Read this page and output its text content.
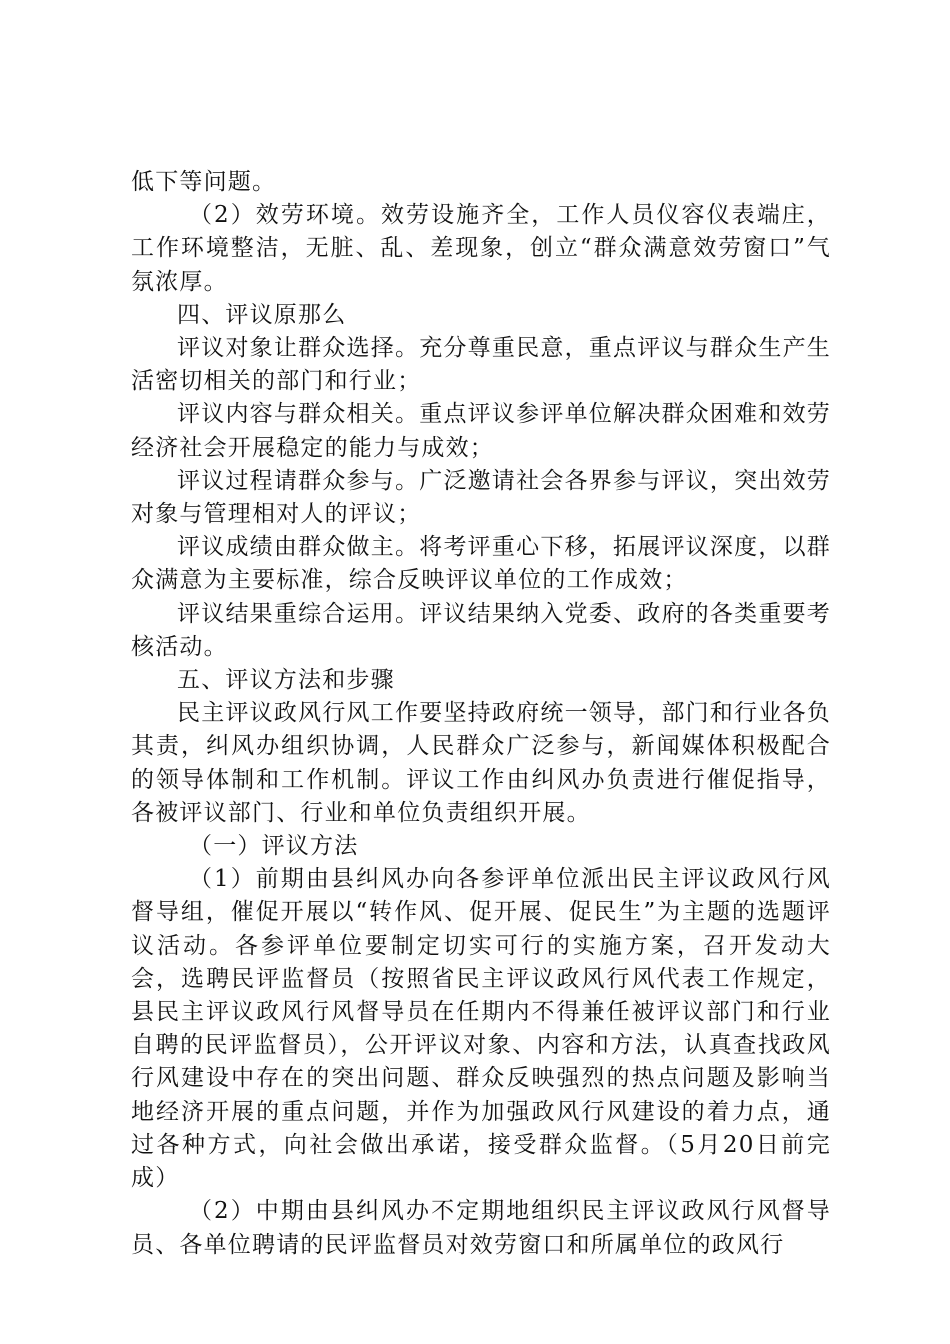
低下等问题。

（2）效劳环境。效劳设施齐全，工作人员仪容仪表端庄，工作环境整洁，无脏、乱、差现象，创立“群众满意效劳窗口”气氛浓厚。

四、评议原那么

评议对象让群众选择。充分尊重民意，重点评议与群众生产生活密切相关的部门和行业；

评议内容与群众相关。重点评议参评单位解决群众困难和效劳经济社会开展稳定的能力与成效；

评议过程请群众参与。广泛邀请社会各界参与评议，突出效劳对象与管理相对人的评议；

评议成绩由群众做主。将考评重心下移，拓展评议深度，以群众满意为主要标准，综合反映评议单位的工作成效；

评议结果重综合运用。评议结果纳入党委、政府的各类重要考核活动。

五、评议方法和步骤

民主评议政风行风工作要坚持政府统一领导，部门和行业各负其责，纠风办组织协调，人民群众广泛参与，新闻媒体积极配合的领导体制和工作机制。评议工作由纠风办负责进行催促指导，各被评议部门、行业和单位负责组织开展。

（一）评议方法

（1）前期由县纠风办向各参评单位派出民主评议政风行风督导组，催促开展以“转作风、促开展、促民生”为主题的选题评议活动。各参评单位要制定切实可行的实施方案，召开发动大会，选聘民评监督员（按照省民主评议政风行风代表工作规定，县民主评议政风行风督导员在任期内不得兼任被评议部门和行业自聘的民评监督员），公开评议对象、内容和方法，认真查找政风行风建设中存在的突出问题、群众反映强烈的热点问题及影响当地经济开展的重点问题，并作为加强政风行风建设的着力点，通过各种方式，向社会做出承诺，接受群众监督。（5月20日前完成）

（2）中期由县纠风办不定期地组织民主评议政风行风督导员、各单位聘请的民评监督员对效劳窗口和所属单位的政风行
